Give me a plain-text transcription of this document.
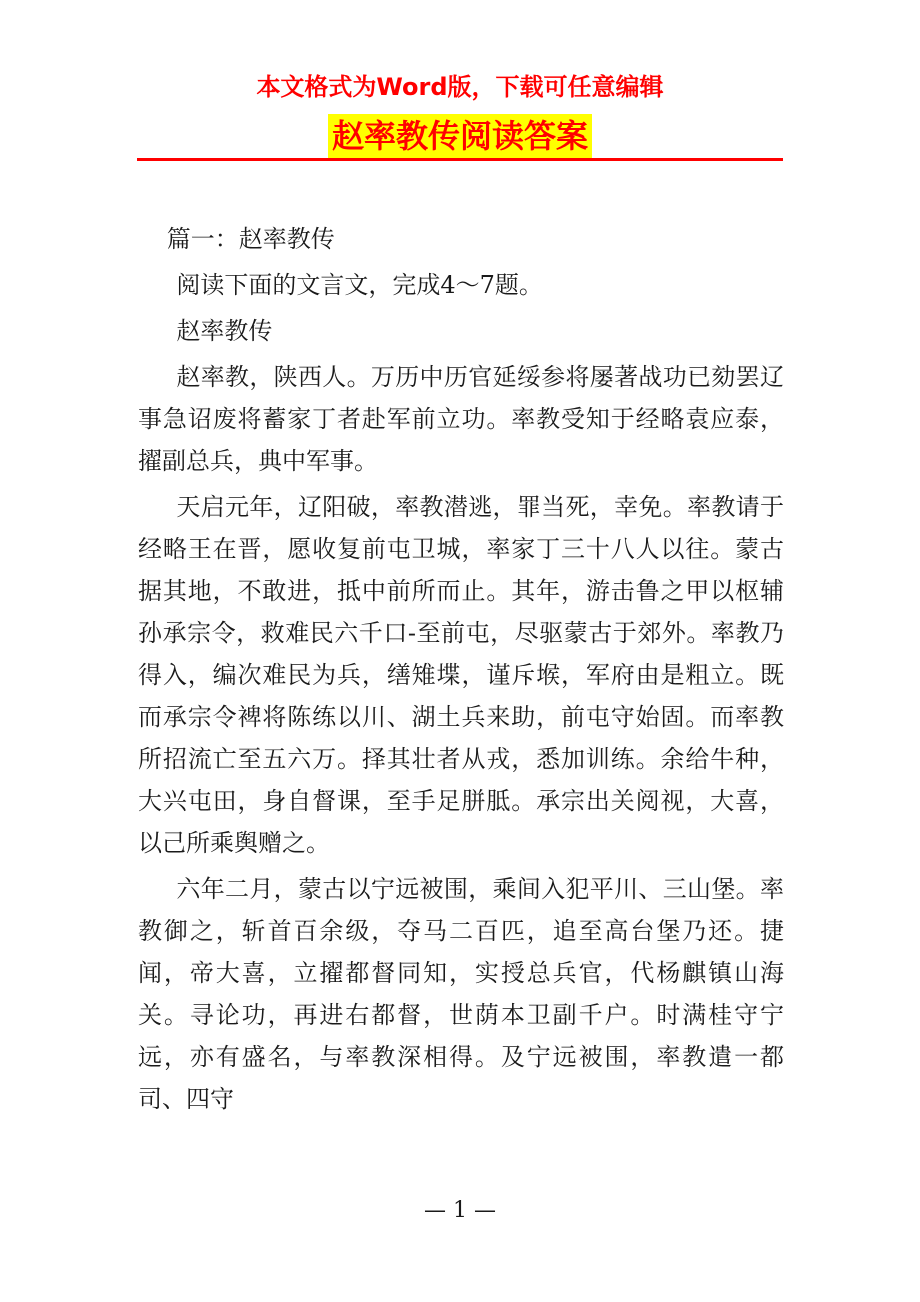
本文格式为Word版，下载可任意编辑
赵率教传阅读答案

篇一：赵率教传

阅读下面的文言文，完成4～7题。

赵率教传

赵率教，陕西人。万历中历官延绥参将屡著战功已劾罢辽事急诏废将蓄家丁者赴军前立功。率教受知于经略袁应泰，擢副总兵，典中军事。

天启元年，辽阳破，率教潜逃，罪当死，幸免。率教请于经略王在晋，愿收复前屯卫城，率家丁三十八人以往。蒙古据其地，不敢进，抵中前所而止。其年，游击鲁之甲以枢辅孙承宗令，救难民六千口-至前屯，尽驱蒙古于郊外。率教乃得入，编次难民为兵，缮雉堞，谨斥堠，军府由是粗立。既而承宗令裨将陈练以川、湖土兵来助，前屯守始固。而率教所招流亡至五六万。择其壮者从戎，悉加训练。余给牛种，大兴屯田，身自督课，至手足胼胝。承宗出关阅视，大喜，以己所乘舆赠之。

六年二月，蒙古以宁远被围，乘间入犯平川、三山堡。率教御之，斩首百余级，夺马二百匹，追至高台堡乃还。捷闻，帝大喜，立擢都督同知，实授总兵官，代杨麒镇山海关。寻论功，再进右都督，世荫本卫副千户。时满桂守宁远，亦有盛名，与率教深相得。及宁远被围，率教遣一都司、四守

— 1 —
